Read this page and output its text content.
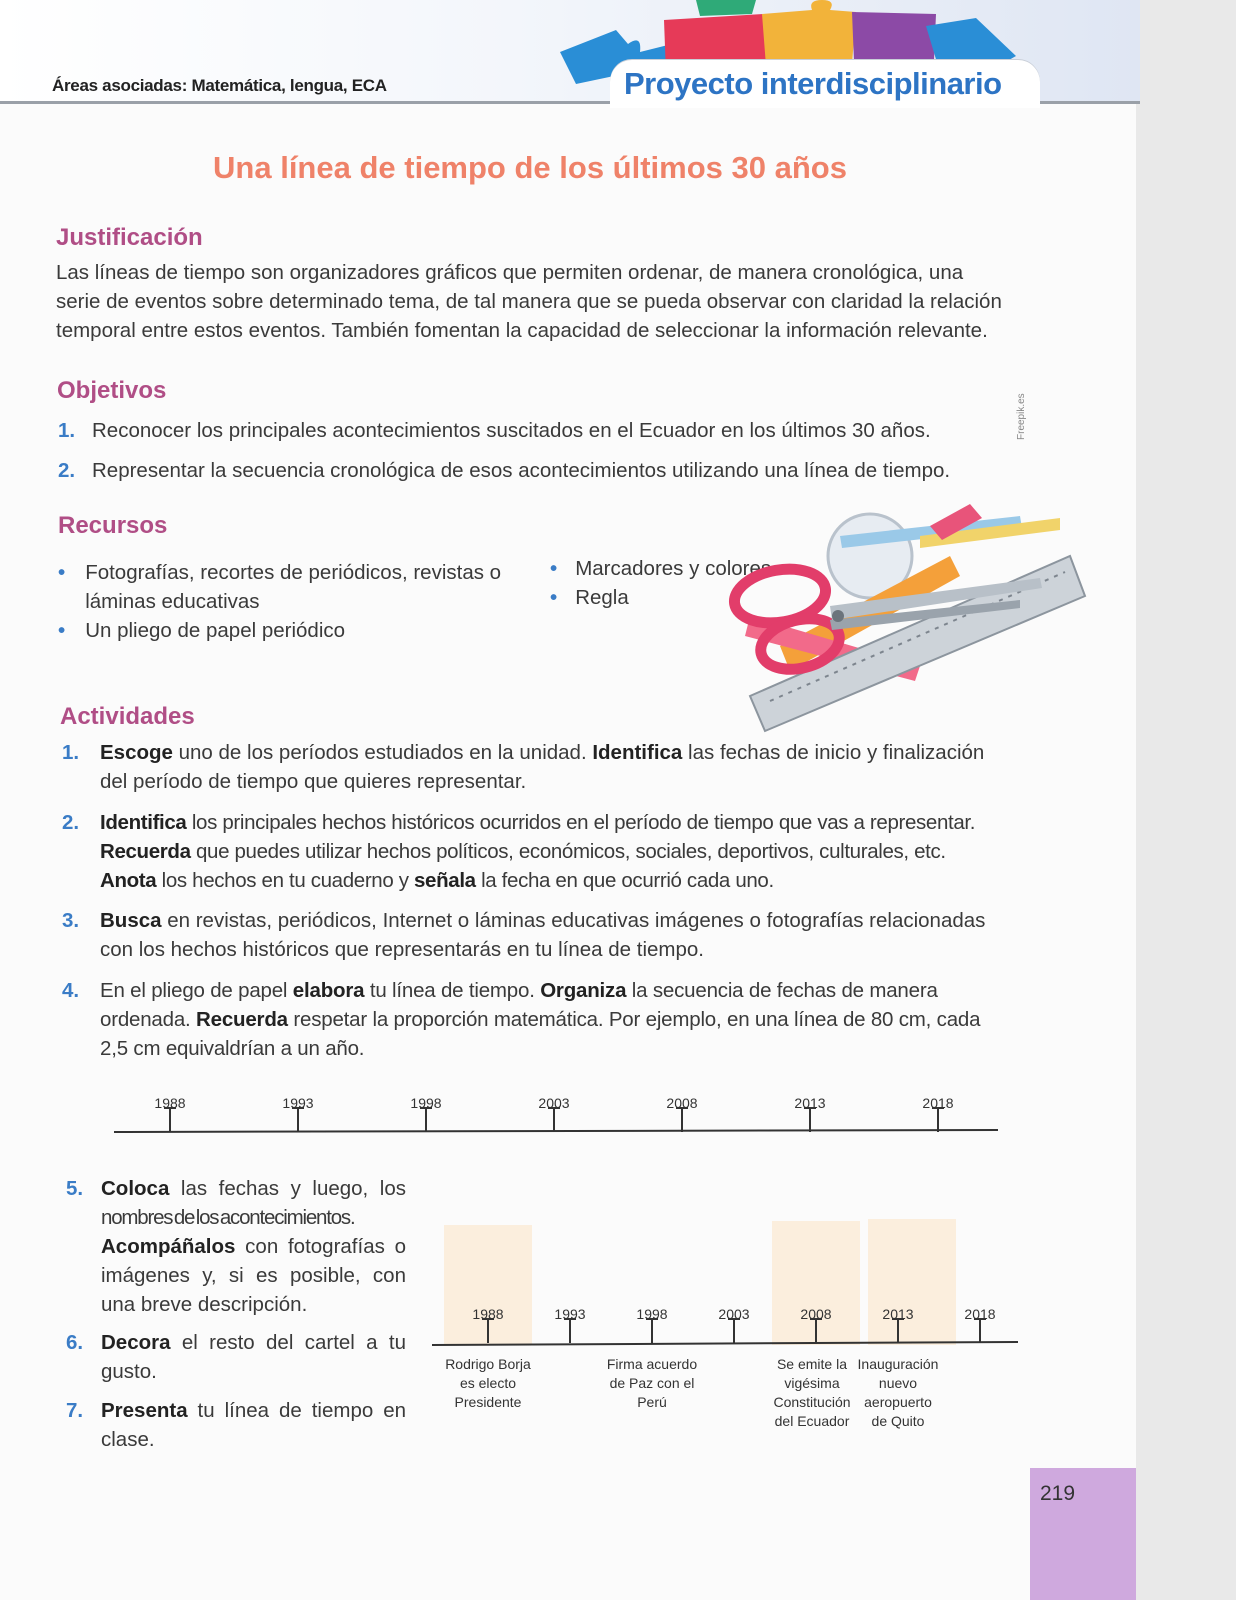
Proyecto interdisciplinario
Áreas asociadas: Matemática, lengua, ECA
Una línea de tiempo de los últimos 30 años
Justificación
Las líneas de tiempo son organizadores gráficos que permiten ordenar, de manera cronológica, una
serie de eventos sobre determinado tema, de tal manera que se pueda observar con claridad la relación
temporal entre estos eventos. También fomentan la capacidad de seleccionar la información relevante.
Objetivos
1. Reconocer los principales acontecimientos suscitados en el Ecuador en los últimos 30 años.
2. Representar la secuencia cronológica de esos acontecimientos utilizando una línea de tiempo.
Freepik.es
Recursos
• Fotografías, recortes de periódicos, revistas o
láminas educativas
• Un pliego de papel periódico
• Marcadores y colores
• Regla
Actividades
1.	Escoge uno de los períodos estudiados en la unidad. Identifica las fechas de inicio y finalización
del período de tiempo que quieres representar.
2.	Identifica los principales hechos históricos ocurridos en el período de tiempo que vas a representar.
Recuerda que puedes utilizar hechos políticos, económicos, sociales, deportivos, culturales, etc.
Anota los hechos en tu cuaderno y señala la fecha en que ocurrió cada uno.
3.	Busca en revistas, periódicos, Internet o láminas educativas imágenes o fotografías relacionadas
con los hechos históricos que representarás en tu línea de tiempo.
4.	En el pliego de papel elabora tu línea de tiempo. Organiza la secuencia de fechas de manera
ordenada. Recuerda respetar la proporción matemática. Por ejemplo, en una línea de 80 cm, cada
2,5 cm equivaldrían a un año.
1988	1993	1998	2003	2008	2013	2018
5. Coloca las fechas y luego, los
nombres de los acontecimientos.
Acompáñalos con fotografías o
imágenes y, si es posible, con
una breve descripción.
6. Decora el resto del cartel a tu
gusto.
7. Presenta tu línea de tiempo en
clase.
1988	1993	1998	2003	2008	2013	2018
Rodrigo Borja es electo Presidente
Firma acuerdo de Paz con el Perú
Se emite la vigésima Constitución del Ecuador
Inauguración nuevo aeropuerto de Quito
219
